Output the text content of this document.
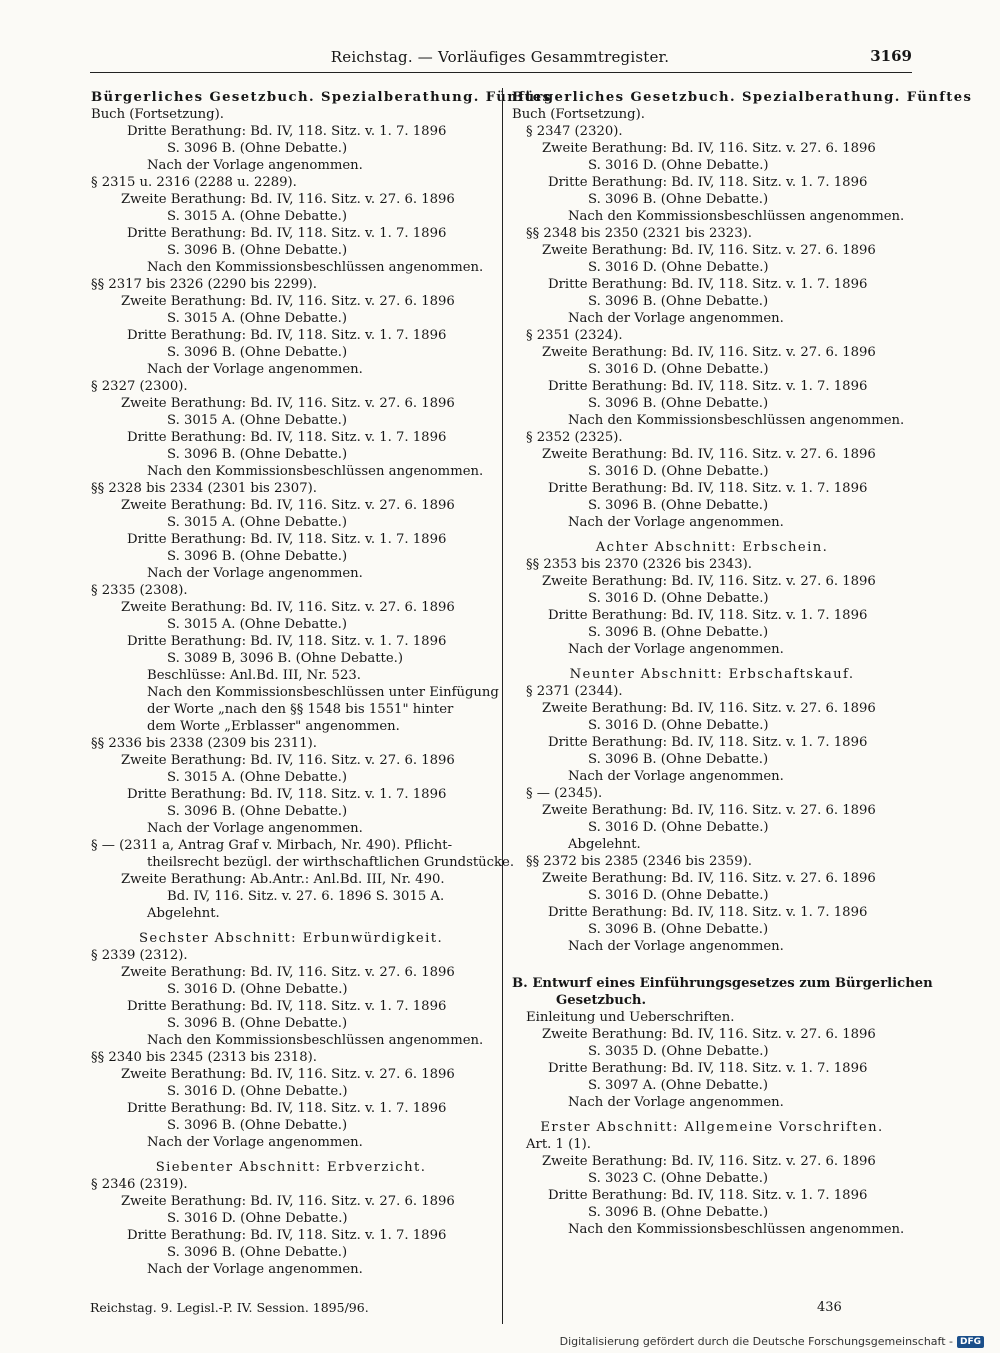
Reichstag. — Vorläufiges Gesammtregister.	3169
Bürgerliches Gesetzbuch. Spezialberathung. Fünftes
Buch (Fortsetzung).
Dritte Berathung: Bd. IV, 118. Sitz. v. 1. 7. 1896
S. 3096 B. (Ohne Debatte.)
Nach der Vorlage angenommen.
§ 2315 u. 2316 (2288 u. 2289).
Zweite Berathung: Bd. IV, 116. Sitz. v. 27. 6. 1896
S. 3015 A. (Ohne Debatte.)
Dritte Berathung: Bd. IV, 118. Sitz. v. 1. 7. 1896
S. 3096 B. (Ohne Debatte.)
Nach den Kommissionsbeschlüssen angenommen.
§§ 2317 bis 2326 (2290 bis 2299).
Zweite Berathung: Bd. IV, 116. Sitz. v. 27. 6. 1896
S. 3015 A. (Ohne Debatte.)
Dritte Berathung: Bd. IV, 118. Sitz. v. 1. 7. 1896
S. 3096 B. (Ohne Debatte.)
Nach der Vorlage angenommen.
§ 2327 (2300).
Zweite Berathung: Bd. IV, 116. Sitz. v. 27. 6. 1896
S. 3015 A. (Ohne Debatte.)
Dritte Berathung: Bd. IV, 118. Sitz. v. 1. 7. 1896
S. 3096 B. (Ohne Debatte.)
Nach den Kommissionsbeschlüssen angenommen.
§§ 2328 bis 2334 (2301 bis 2307).
Zweite Berathung: Bd. IV, 116. Sitz. v. 27. 6. 1896
S. 3015 A. (Ohne Debatte.)
Dritte Berathung: Bd. IV, 118. Sitz. v. 1. 7. 1896
S. 3096 B. (Ohne Debatte.)
Nach der Vorlage angenommen.
§ 2335 (2308).
Zweite Berathung: Bd. IV, 116. Sitz. v. 27. 6. 1896
S. 3015 A. (Ohne Debatte.)
Dritte Berathung: Bd. IV, 118. Sitz. v. 1. 7. 1896
S. 3089 B, 3096 B. (Ohne Debatte.)
Beschlüsse: Anl.Bd. III, Nr. 523.
Nach den Kommissionsbeschlüssen unter Einfügung
der Worte „nach den §§ 1548 bis 1551" hinter
dem Worte „Erblasser" angenommen.
§§ 2336 bis 2338 (2309 bis 2311).
Zweite Berathung: Bd. IV, 116. Sitz. v. 27. 6. 1896
S. 3015 A. (Ohne Debatte.)
Dritte Berathung: Bd. IV, 118. Sitz. v. 1. 7. 1896
S. 3096 B. (Ohne Debatte.)
Nach der Vorlage angenommen.
§ — (2311 a, Antrag Graf v. Mirbach, Nr. 490). Pflicht-
theilsrecht bezügl. der wirthschaftlichen Grundstücke.
Zweite Berathung: Ab.Antr.: Anl.Bd. III, Nr. 490.
Bd. IV, 116. Sitz. v. 27. 6. 1896 S. 3015 A.
Abgelehnt.
Sechster Abschnitt: Erbunwürdigkeit.
§ 2339 (2312).
Zweite Berathung: Bd. IV, 116. Sitz. v. 27. 6. 1896
S. 3016 D. (Ohne Debatte.)
Dritte Berathung: Bd. IV, 118. Sitz. v. 1. 7. 1896
S. 3096 B. (Ohne Debatte.)
Nach den Kommissionsbeschlüssen angenommen.
§§ 2340 bis 2345 (2313 bis 2318).
Zweite Berathung: Bd. IV, 116. Sitz. v. 27. 6. 1896
S. 3016 D. (Ohne Debatte.)
Dritte Berathung: Bd. IV, 118. Sitz. v. 1. 7. 1896
S. 3096 B. (Ohne Debatte.)
Nach der Vorlage angenommen.
Siebenter Abschnitt: Erbverzicht.
§ 2346 (2319).
Zweite Berathung: Bd. IV, 116. Sitz. v. 27. 6. 1896
S. 3016 D. (Ohne Debatte.)
Dritte Berathung: Bd. IV, 118. Sitz. v. 1. 7. 1896
S. 3096 B. (Ohne Debatte.)
Nach der Vorlage angenommen.
Bürgerliches Gesetzbuch. Spezialberathung. Fünftes
Buch (Fortsetzung).
§ 2347 (2320).
Zweite Berathung: Bd. IV, 116. Sitz. v. 27. 6. 1896
S. 3016 D. (Ohne Debatte.)
Dritte Berathung: Bd. IV, 118. Sitz. v. 1. 7. 1896
S. 3096 B. (Ohne Debatte.)
Nach den Kommissionsbeschlüssen angenommen.
§§ 2348 bis 2350 (2321 bis 2323).
Zweite Berathung: Bd. IV, 116. Sitz. v. 27. 6. 1896
S. 3016 D. (Ohne Debatte.)
Dritte Berathung: Bd. IV, 118. Sitz. v. 1. 7. 1896
S. 3096 B. (Ohne Debatte.)
Nach der Vorlage angenommen.
§ 2351 (2324).
Zweite Berathung: Bd. IV, 116. Sitz. v. 27. 6. 1896
S. 3016 D. (Ohne Debatte.)
Dritte Berathung: Bd. IV, 118. Sitz. v. 1. 7. 1896
S. 3096 B. (Ohne Debatte.)
Nach den Kommissionsbeschlüssen angenommen.
§ 2352 (2325).
Zweite Berathung: Bd. IV, 116. Sitz. v. 27. 6. 1896
S. 3016 D. (Ohne Debatte.)
Dritte Berathung: Bd. IV, 118. Sitz. v. 1. 7. 1896
S. 3096 B. (Ohne Debatte.)
Nach der Vorlage angenommen.
Achter Abschnitt: Erbschein.
§§ 2353 bis 2370 (2326 bis 2343).
Zweite Berathung: Bd. IV, 116. Sitz. v. 27. 6. 1896
S. 3016 D. (Ohne Debatte.)
Dritte Berathung: Bd. IV, 118. Sitz. v. 1. 7. 1896
S. 3096 B. (Ohne Debatte.)
Nach der Vorlage angenommen.
Neunter Abschnitt: Erbschaftskauf.
§ 2371 (2344).
Zweite Berathung: Bd. IV, 116. Sitz. v. 27. 6. 1896
S. 3016 D. (Ohne Debatte.)
Dritte Berathung: Bd. IV, 118. Sitz. v. 1. 7. 1896
S. 3096 B. (Ohne Debatte.)
Nach der Vorlage angenommen.
§ — (2345).
Zweite Berathung: Bd. IV, 116. Sitz. v. 27. 6. 1896
S. 3016 D. (Ohne Debatte.)
Abgelehnt.
§§ 2372 bis 2385 (2346 bis 2359).
Zweite Berathung: Bd. IV, 116. Sitz. v. 27. 6. 1896
S. 3016 D. (Ohne Debatte.)
Dritte Berathung: Bd. IV, 118. Sitz. v. 1. 7. 1896
S. 3096 B. (Ohne Debatte.)
Nach der Vorlage angenommen.
B. Entwurf eines Einführungsgesetzes zum Bürgerlichen
Gesetzbuch.
Einleitung und Ueberschriften.
Zweite Berathung: Bd. IV, 116. Sitz. v. 27. 6. 1896
S. 3035 D. (Ohne Debatte.)
Dritte Berathung: Bd. IV, 118. Sitz. v. 1. 7. 1896
S. 3097 A. (Ohne Debatte.)
Nach der Vorlage angenommen.
Erster Abschnitt: Allgemeine Vorschriften.
Art. 1 (1).
Zweite Berathung: Bd. IV, 116. Sitz. v. 27. 6. 1896
S. 3023 C. (Ohne Debatte.)
Dritte Berathung: Bd. IV, 118. Sitz. v. 1. 7. 1896
S. 3096 B. (Ohne Debatte.)
Nach den Kommissionsbeschlüssen angenommen.
Reichstag. 9. Legisl.-P. IV. Session. 1895/96.	436
Digitalisierung gefördert durch die Deutsche Forschungsgemeinschaft - DFG
